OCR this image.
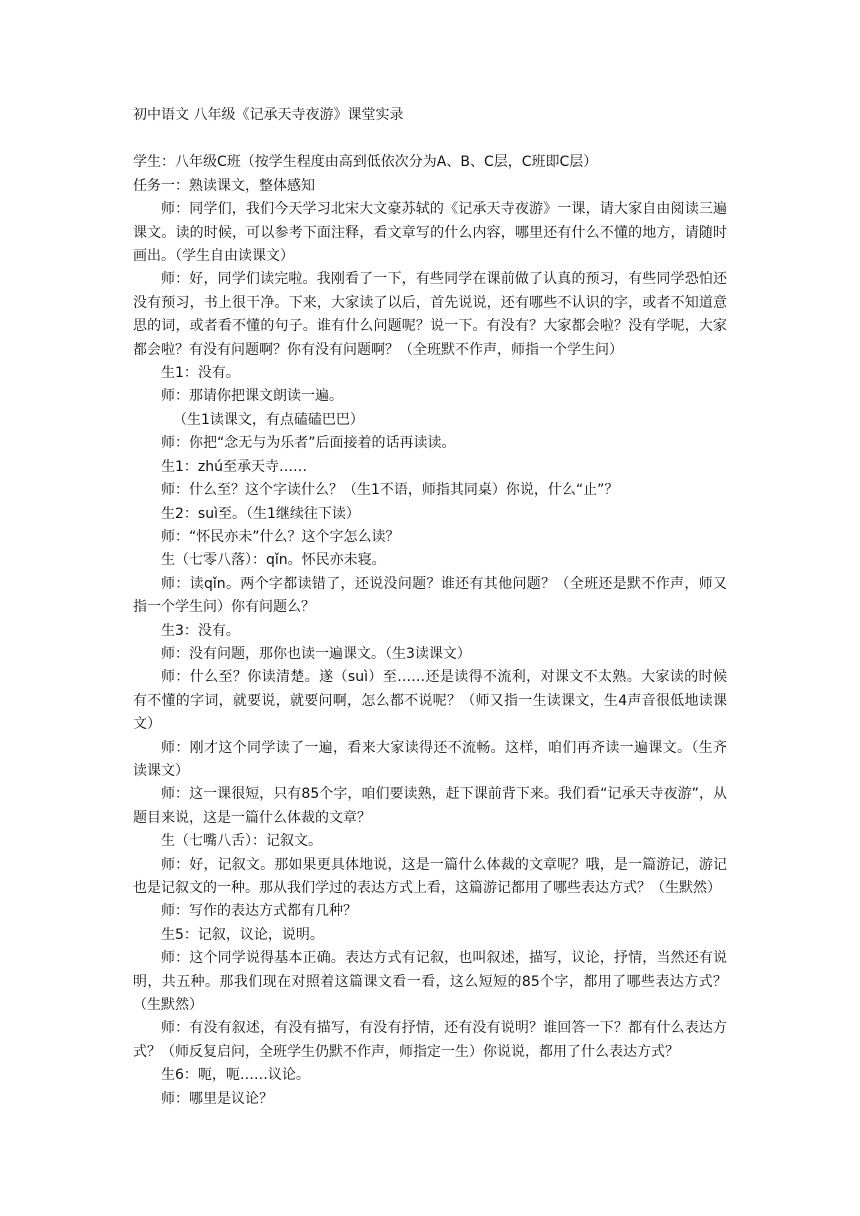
初中语文 八年级《记承天寺夜游》课堂实录

学生：八年级C班（按学生程度由高到低依次分为A、B、C层，C班即C层）

任务一：熟读课文，整体感知

师：同学们，我们今天学习北宋大文豪苏轼的《记承天寺夜游》一课，请大家自由阅读三遍课文。读的时候，可以参考下面注释，看文章写的什么内容，哪里还有什么不懂的地方，请随时画出。（学生自由读课文）

师：好，同学们读完啦。我刚看了一下，有些同学在课前做了认真的预习，有些同学恐怕还没有预习，书上很干净。下来，大家读了以后，首先说说，还有哪些不认识的字，或者不知道意思的词，或者看不懂的句子。谁有什么问题呢？说一下。有没有？大家都会啦？没有学呢，大家都会啦？有没有问题啊？你有没有问题啊？（全班默不作声，师指一个学生问）

生1：没有。

师：那请你把课文朗读一遍。

（生1读课文，有点磕磕巴巴）

师：你把“念无与为乐者”后面接着的话再读读。

生1：zhú至承天寺……

师：什么至？这个字读什么？（生1不语，师指其同桌）你说，什么“止”？

生2：suì至。（生1继续往下读）

师：“怀民亦未”什么？这个字怎么读？

生（七零八落）：qǐn。怀民亦未寝。

师：读qǐn。两个字都读错了，还说没问题？谁还有其他问题？（全班还是默不作声，师又指一个学生问）你有问题么？

生3：没有。

师：没有问题，那你也读一遍课文。（生3读课文）

师：什么至？你读清楚。遂（suì）至……还是读得不流利，对课文不太熟。大家读的时候有不懂的字词，就要说，就要问啊，怎么都不说呢？（师又指一生读课文，生4声音很低地读课文）

师：刚才这个同学读了一遍，看来大家读得还不流畅。这样，咱们再齐读一遍课文。（生齐读课文）

师：这一课很短，只有85个字，咱们要读熟，赶下课前背下来。我们看“记承天寺夜游”，从题目来说，这是一篇什么体裁的文章？

生（七嘴八舌）：记叙文。

师：好，记叙文。那如果更具体地说，这是一篇什么体裁的文章呢？哦，是一篇游记，游记也是记叙文的一种。那从我们学过的表达方式上看，这篇游记都用了哪些表达方式？（生默然）

师：写作的表达方式都有几种？

生5：记叙，议论，说明。

师：这个同学说得基本正确。表达方式有记叙，也叫叙述，描写，议论，抒情，当然还有说明，共五种。那我们现在对照着这篇课文看一看，这么短短的85个字，都用了哪些表达方式？（生默然）

师：有没有叙述，有没有描写，有没有抒情，还有没有说明？谁回答一下？都有什么表达方式？（师反复启问，全班学生仍默不作声，师指定一生）你说说，都用了什么表达方式？

生6：呃，呃……议论。

师：哪里是议论？
